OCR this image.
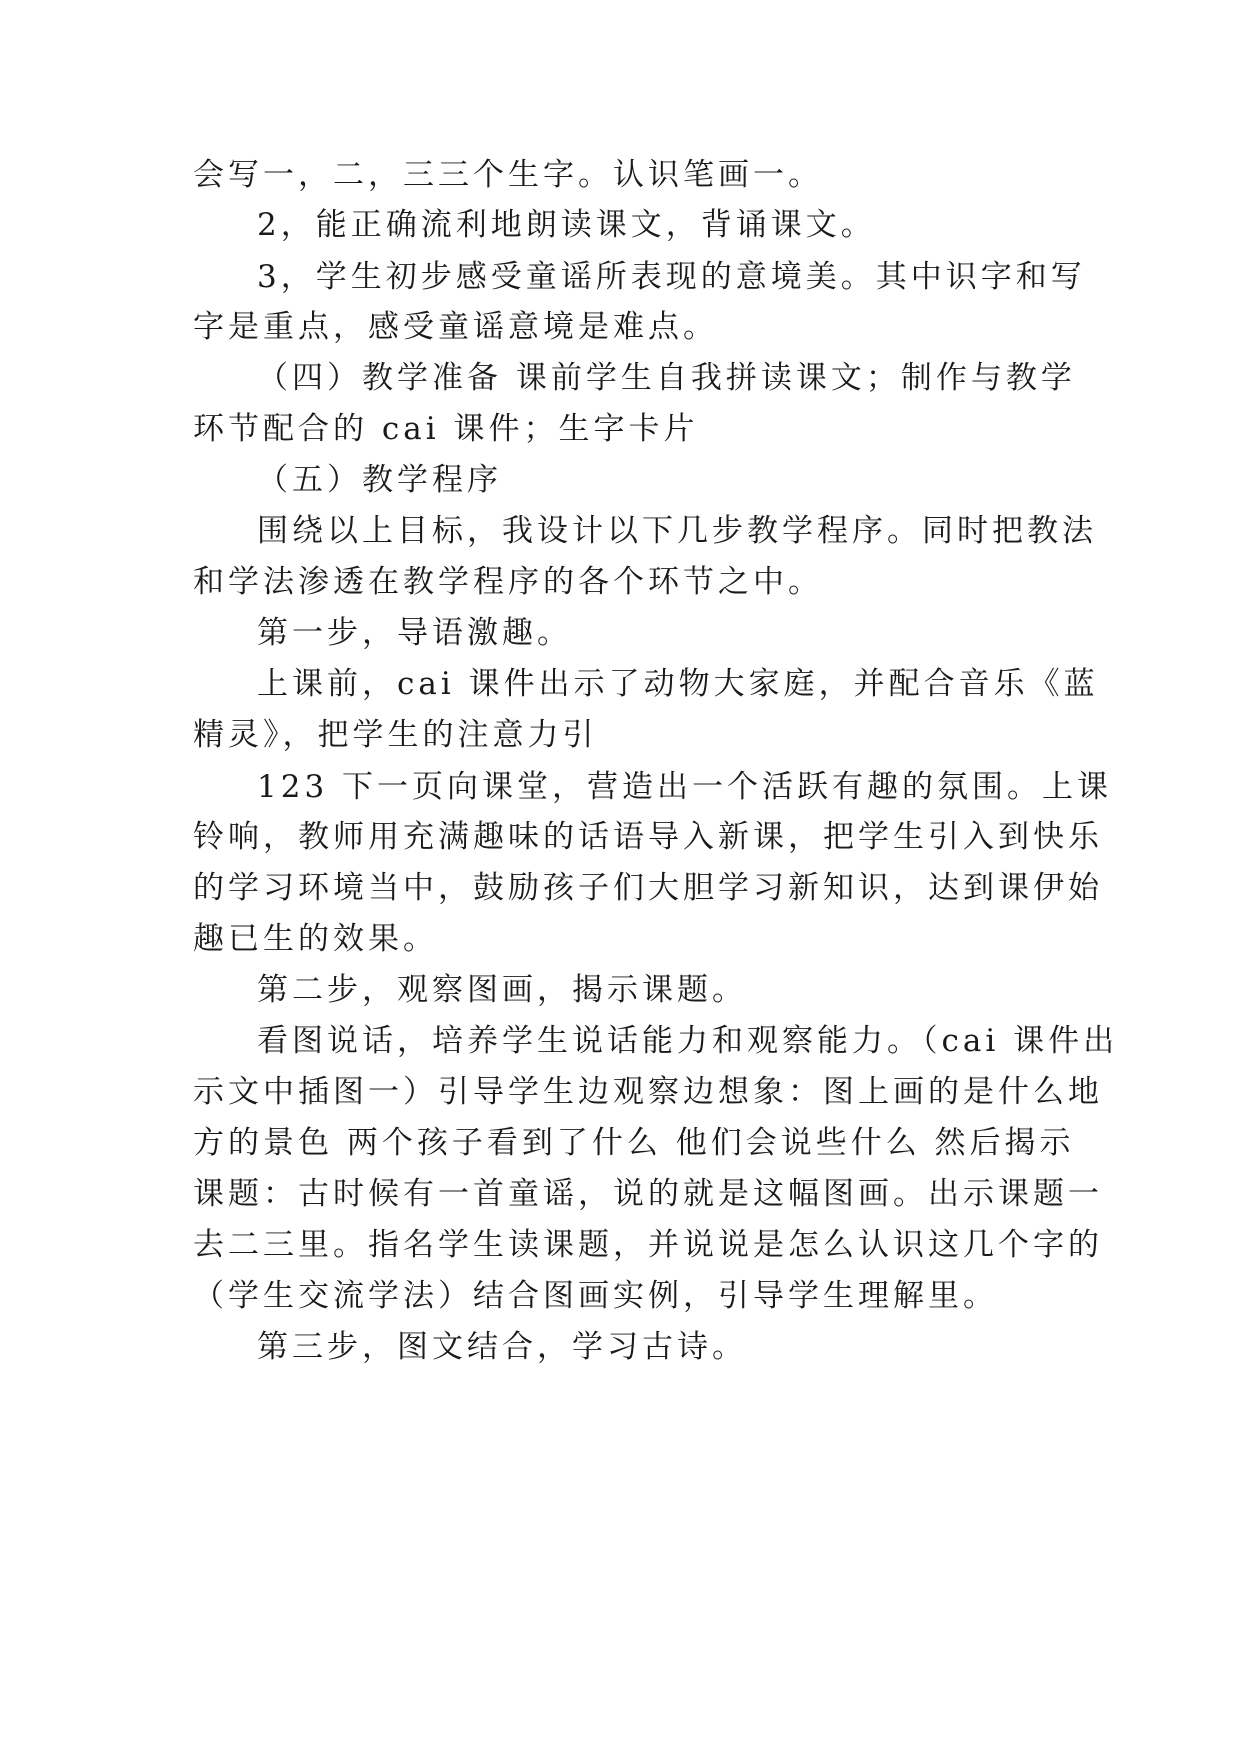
会写一，二，三三个生字。认识笔画一。
2，能正确流利地朗读课文，背诵课文。
3，学生初步感受童谣所表现的意境美。其中识字和写
字是重点，感受童谣意境是难点。
（四）教学准备 课前学生自我拼读课文；制作与教学
环节配合的 cai 课件；生字卡片
（五）教学程序
围绕以上目标，我设计以下几步教学程序。同时把教法
和学法渗透在教学程序的各个环节之中。
第一步，导语激趣。
上课前，cai 课件出示了动物大家庭，并配合音乐《蓝
精灵》，把学生的注意力引
123 下一页向课堂，营造出一个活跃有趣的氛围。上课
铃响，教师用充满趣味的话语导入新课，把学生引入到快乐
的学习环境当中，鼓励孩子们大胆学习新知识，达到课伊始
趣已生的效果。
第二步，观察图画，揭示课题。
看图说话，培养学生说话能力和观察能力。（cai 课件出
示文中插图一）引导学生边观察边想象：图上画的是什么地
方的景色 两个孩子看到了什么 他们会说些什么 然后揭示
课题：古时候有一首童谣，说的就是这幅图画。出示课题一
去二三里。指名学生读课题，并说说是怎么认识这几个字的
（学生交流学法）结合图画实例，引导学生理解里。
第三步，图文结合，学习古诗。
